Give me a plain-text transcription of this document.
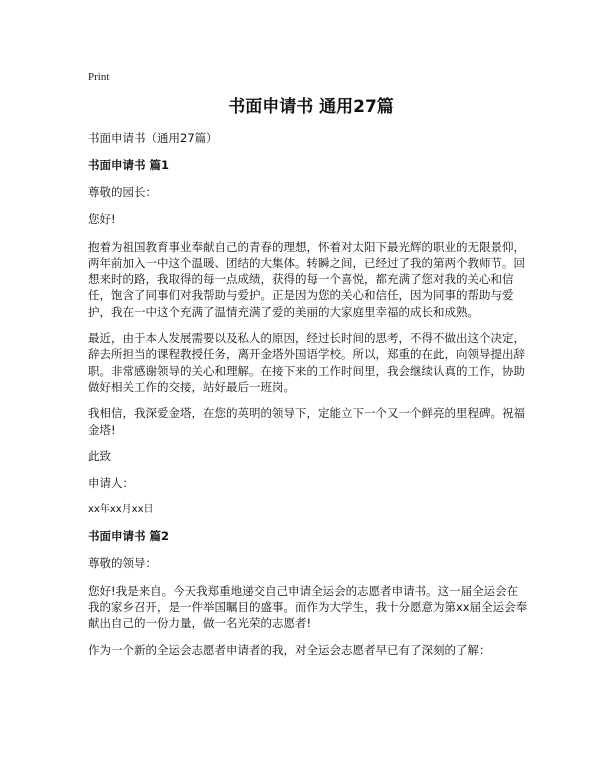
Print
书面申请书 通用27篇

书面申请书（通用27篇）

书面申请书 篇1

尊敬的园长：

您好!

抱着为祖国教育事业奉献自己的青春的理想，怀着对太阳下最光辉的职业的无限景仰，两年前加入一中这个温暖、团结的大集体。转瞬之间，已经过了我的第两个教师节。回想来时的路，我取得的每一点成绩，获得的每一个喜悦，都充满了您对我的关心和信任，饱含了同事们对我帮助与爱护。正是因为您的关心和信任，因为同事的帮助与爱护，我在一中这个充满了温情充满了爱的美丽的大家庭里幸福的成长和成熟。

最近，由于本人发展需要以及私人的原因，经过长时间的思考，不得不做出这个决定，辞去所担当的课程教授任务，离开金塔外国语学校。所以，郑重的在此，向领导提出辞职。非常感谢领导的关心和理解。在接下来的工作时间里，我会继续认真的工作，协助做好相关工作的交接，站好最后一班岗。

我相信，我深爱金塔，在您的英明的领导下，定能立下一个又一个鲜亮的里程碑。祝福金塔!

此致

申请人：

xx年xx月xx日

书面申请书 篇2

尊敬的领导：

您好!我是来自。今天我郑重地递交自己申请全运会的志愿者申请书。这一届全运会在我的家乡召开，是一件举国瞩目的盛事。而作为大学生，我十分愿意为第xx届全运会奉献出自己的一份力量，做一名光荣的志愿者!

作为一个新的全运会志愿者申请者的我，对全运会志愿者早已有了深刻的了解：
